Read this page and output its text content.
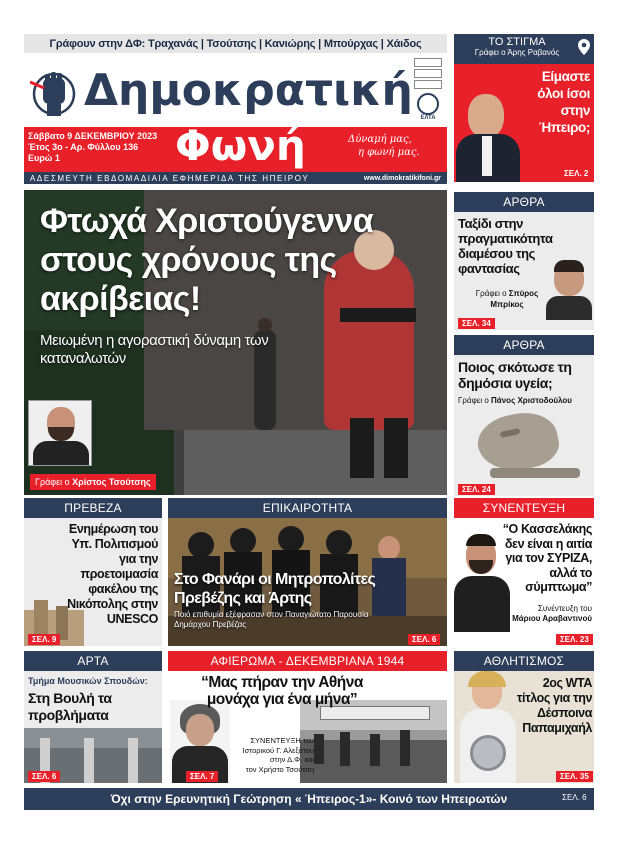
Γράφουν στην ΔΦ: Τραχανάς | Τσούτσης | Κανιώρης | Μπούρχας | Χάιδος
Δημοκρατική
ΕΛΤΑ
Σάββατο 9 ΔΕΚΕΜΒΡΙΟΥ 2023
Έτος 3ο - Αρ. Φύλλου 136
Ευρώ 1	Φωνή	Δύναμή μας,
η φωνή μας.
ΑΔΕΣΜΕΥΤΗ ΕΒΔΟΜΑΔΙΑΙΑ ΕΦΗΜΕΡΙΔΑ ΤΗΣ ΗΠΕΙΡΟΥ	www.dimokratikifoni.gr
ΤΟ ΣΤΙΓΜΑ
Γράφει ο Άρης Ραβανός
Είμαστε όλοι ίσοι στην Ήπειρο;
ΣΕΛ. 2
Φτωχά Χριστούγεννα στους χρόνους της ακρίβειας!
Μειωμένη η αγοραστική δύναμη των καταναλωτών
Γράφει ο
Χρίστος Τσούτσης
ΑΡΘΡΑ
Ταξίδι στην πραγματικότητα διαμέσου της φαντασίας
Γράφει ο Σπύρος Μπρίκος
ΣΕΛ. 34
ΑΡΘΡΑ
Ποιος σκότωσε τη δημόσια υγεία;
Γράφει ο Πάνος Χριστοδούλου
ΣΕΛ. 24
ΠΡΕΒΕΖΑ
Ενημέρωση του Υπ. Πολιτισμού για την προετοιμασία φακέλου της Νικόπολης στην UNESCO
ΣΕΛ. 9
ΕΠΙΚΑΙΡΟΤΗΤΑ
Στο Φανάρι οι Μητροπολίτες Πρεβέζης και Άρτης
Ποιό επιθυμία εξέφρασαν στον Παναγιώτατο Παρουσία Δημάρχου Πρεβέζας
ΣΕΛ. 6
ΣΥΝΕΝΤΕΥΞΗ
“Ο Κασσελάκης δεν είναι η αιτία για τον ΣΥΡΙΖΑ, αλλά το σύμπτωμα”
Συνέντευξη του Μάριου Αραβαντινού
ΣΕΛ. 23
ΑΡΤΑ
Τμήμα Μουσικών Σπουδών:
Στη Βουλή τα προβλήματα
ΣΕΛ. 6
ΑΦΙΕΡΩΜΑ - ΔΕΚΕΜΒΡΙΑΝΑ 1944
“Μας πήραν την Αθήνα μονάχα για ένα μήνα”
ΣΥΝΕΝΤΕΥΞΗ του
Ιστορικού Γ. Αλεξάτου
στην Δ.Φ. και
τον Χρήστο Τσούτση
ΣΕΛ. 7
ΑΘΛΗΤΙΣΜΟΣ
2ος WTA τίτλος για την Δέσποινα Παπαμιχαήλ
ΣΕΛ. 35
Όχι στην Ερευνητική Γεώτρηση « Ήπειρος-1»- Κοινό των Ηπειρωτών	ΣΕΛ. 6
